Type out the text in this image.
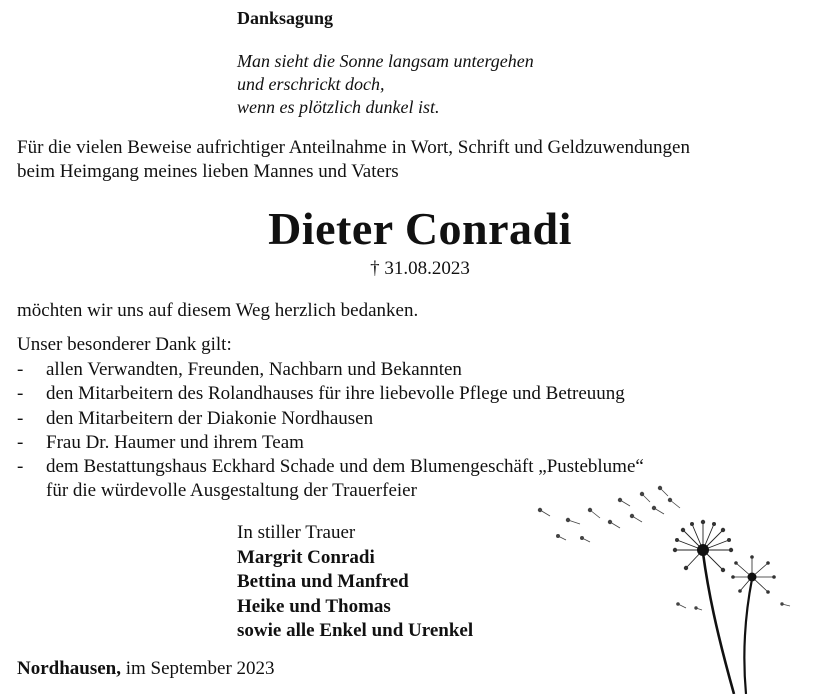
Danksagung
Man sieht die Sonne langsam untergehen
und erschrickt doch,
wenn es plötzlich dunkel ist.
Für die vielen Beweise aufrichtiger Anteilnahme in Wort, Schrift und Geldzuwendungen
beim Heimgang meines lieben Mannes und Vaters
Dieter Conradi
† 31.08.2023
möchten wir uns auf diesem Weg herzlich bedanken.
Unser besonderer Dank gilt:
- allen Verwandten, Freunden, Nachbarn und Bekannten
- den Mitarbeitern des Rolandhauses für ihre liebevolle Pflege und Betreuung
- den Mitarbeitern der Diakonie Nordhausen
- Frau Dr. Haumer und ihrem Team
- dem Bestattungshaus Eckhard Schade und dem Blumengeschäft „Pusteblume“
für die würdevolle Ausgestaltung der Trauerfeier
In stiller Trauer
Margrit Conradi
Bettina und Manfred
Heike und Thomas
sowie alle Enkel und Urenkel
Nordhausen, im September 2023
